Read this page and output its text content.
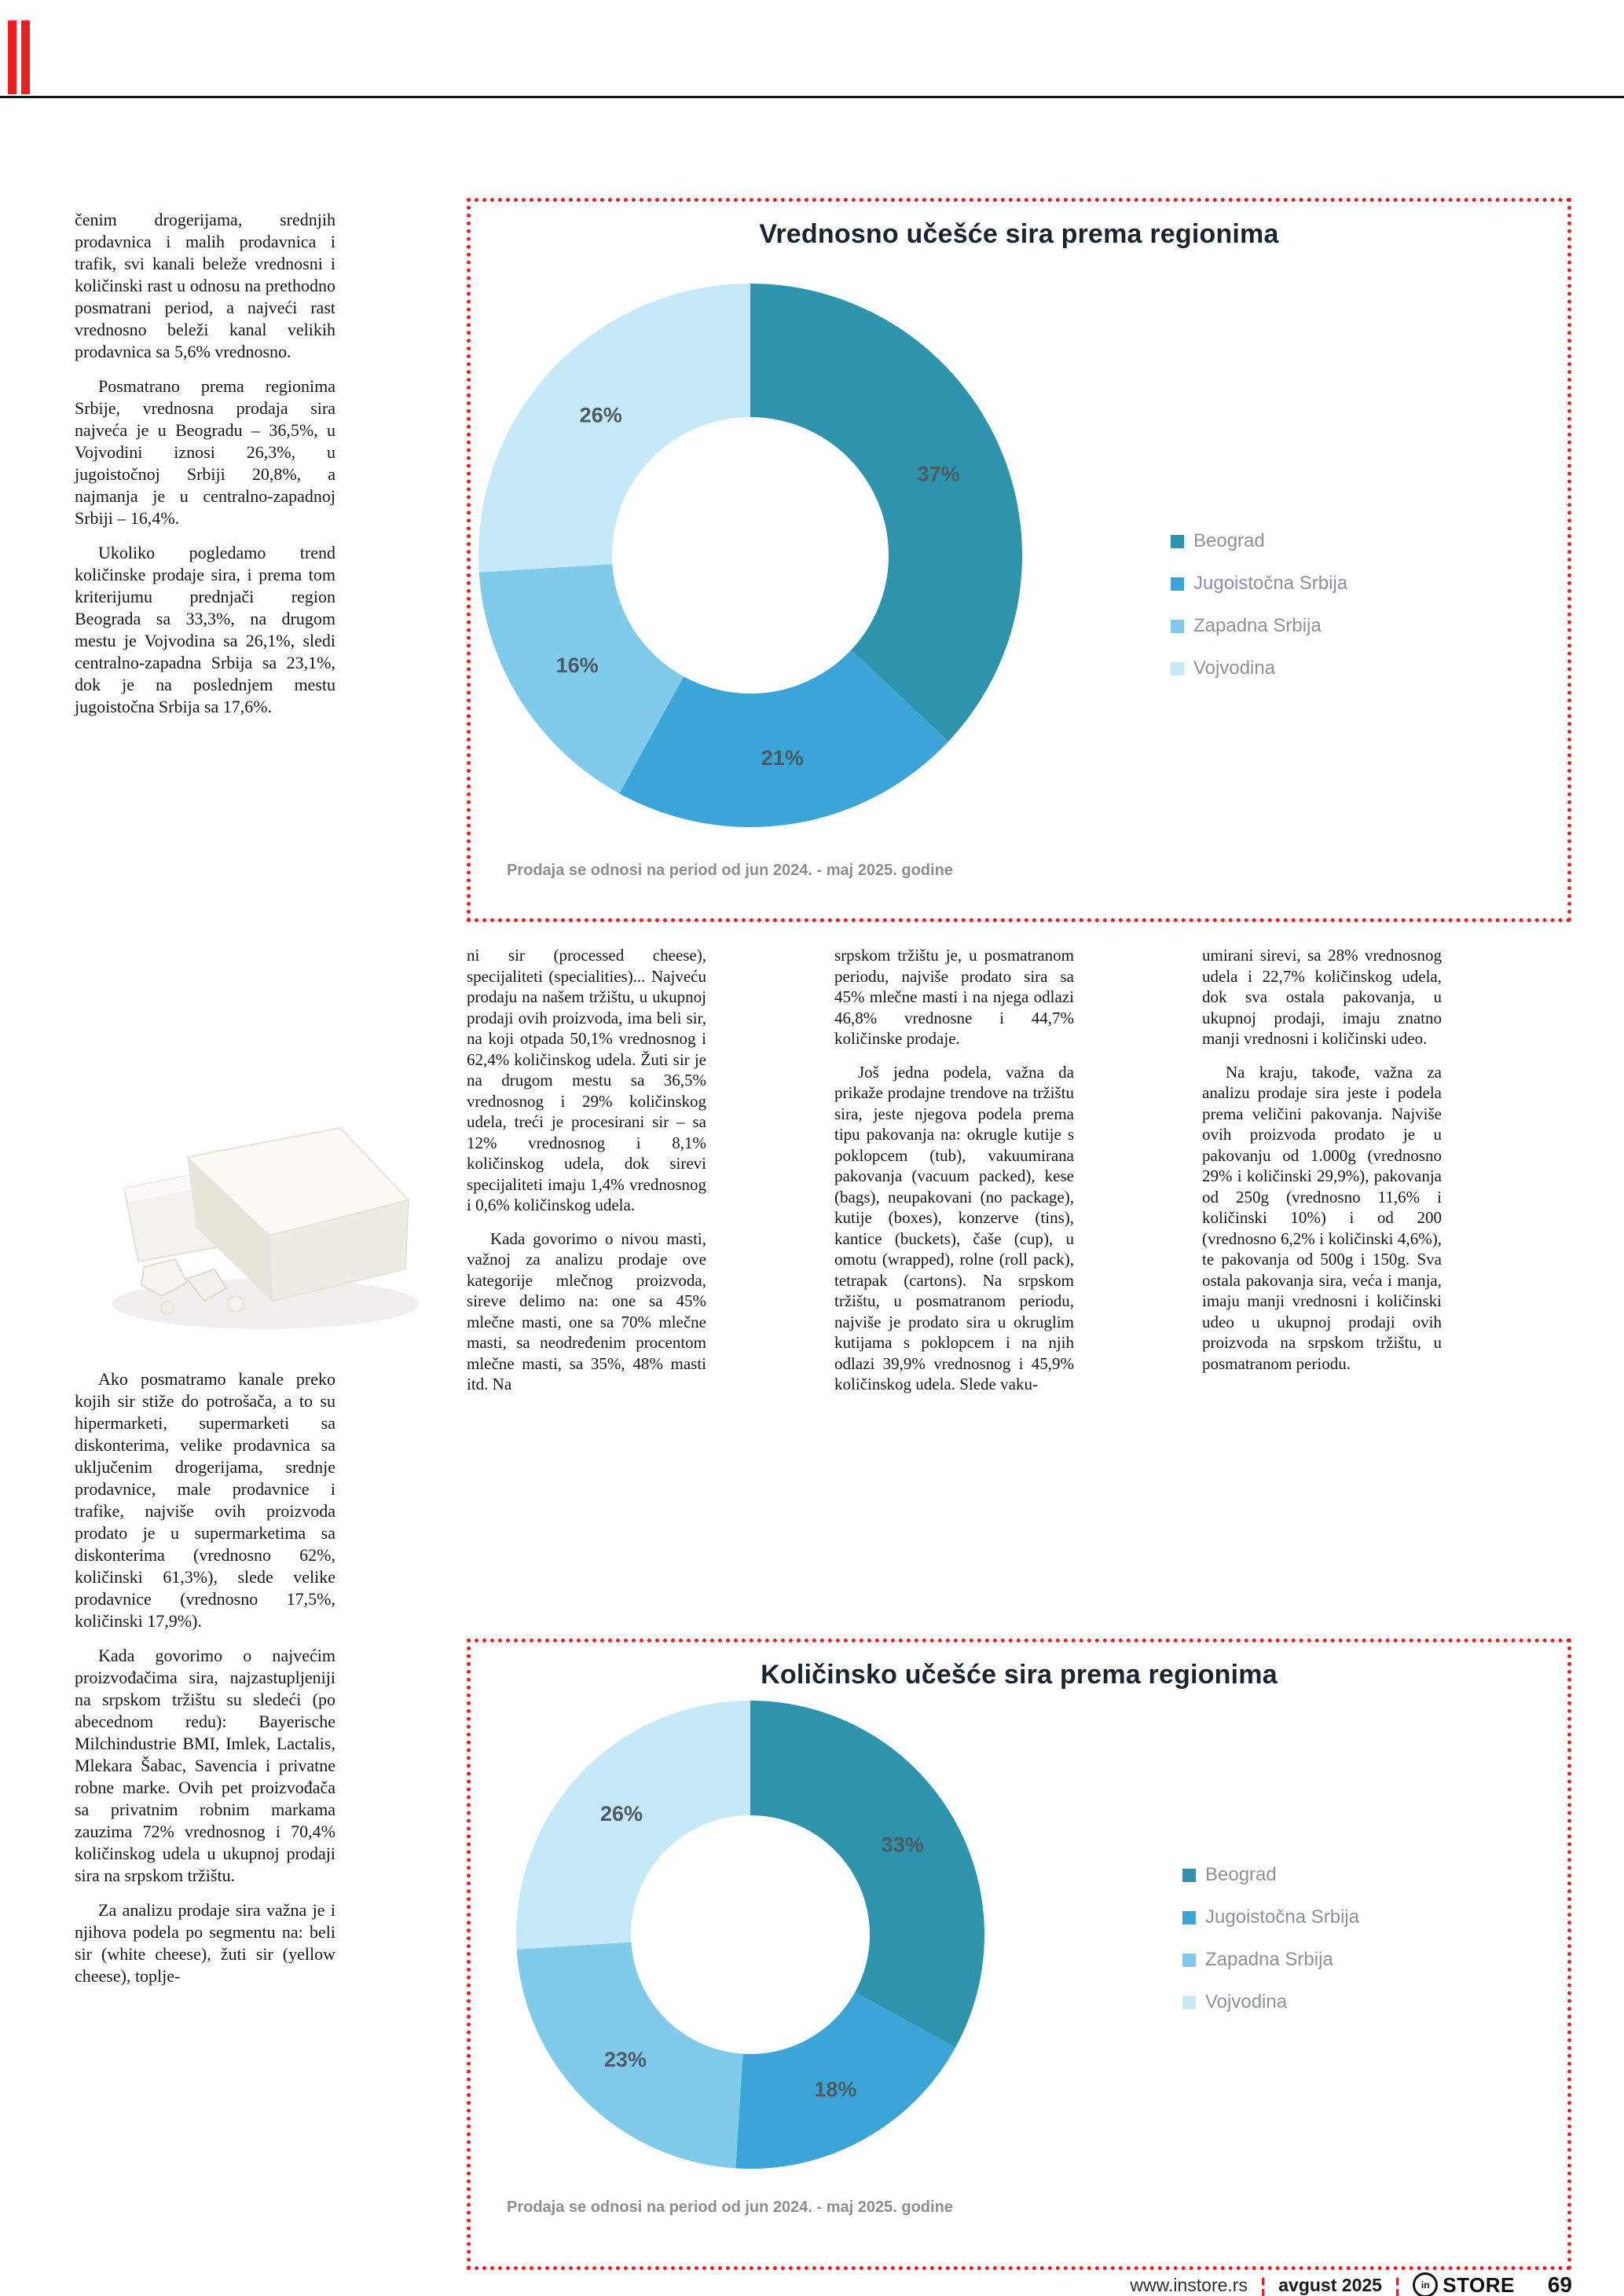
čenim drogerijama, srednjih prodavnica i malih prodavnica i trafik, svi kanali beleže vrednosni i količinski rast u odnosu na prethodno posmatrani period, a najveći rast vrednosno beleži kanal velikih prodavnica sa 5,6% vrednosno.

Posmatrano prema regionima Srbije, vrednosna prodaja sira najveća je u Beogradu – 36,5%, u Vojvodini iznosi 26,3%, u jugoistočnoj Srbiji 20,8%, a najmanja je u centralno-zapadnoj Srbiji – 16,4%.

Ukoliko pogledamo trend količinske prodaje sira, i prema tom kriterijumu prednjači region Beograda sa 33,3%, na drugom mestu je Vojvodina sa 26,1%, sledi centralno-zapadna Srbija sa 23,1%, dok je na poslednjem mestu jugoistočna Srbija sa 17,6%.

Ako posmatramo kanale preko kojih sir stiže do potrošača, a to su hipermarketi, supermarketi sa diskonterima, velike prodavnica sa uključenim drogerijama, srednje prodavnice, male prodavnice i trafike, najviše ovih proizvoda prodato je u supermarketima sa diskonterima (vrednosno 62%, količinski 61,3%), slede velike prodavnice (vrednosno 17,5%, količinski 17,9%).

Kada govorimo o najvećim proizvođačima sira, najzastupljeniji na srpskom tržištu su sledeći (po abecednom redu): Bayerische Milchindustrie BMI, Imlek, Lactalis, Mlekara Šabac, Savencia i privatne robne marke. Ovih pet proizvođača sa privatnim robnim markama zauzima 72% vrednosnog i 70,4% količinskog udela u ukupnoj prodaji sira na srpskom tržištu.

Za analizu prodaje sira važna je i njihova podela po segmentu na: beli sir (white cheese), žuti sir (yellow cheese), toplje-

Vrednosno učešće sira prema regionima
37%
21%
16%
26%
Beograd
Jugoistočna Srbija
Zapadna Srbija
Vojvodina
Prodaja se odnosi na period od jun 2024. - maj 2025. godine

ni sir (processed cheese), specijaliteti (specialities)... Najveću prodaju na našem tržištu, u ukupnoj prodaji ovih proizvoda, ima beli sir, na koji otpada 50,1% vrednosnog i 62,4% količinskog udela. Žuti sir je na drugom mestu sa 36,5% vrednosnog i 29% količinskog udela, treći je procesirani sir – sa 12% vrednosnog i 8,1% količinskog udela, dok sirevi specijaliteti imaju 1,4% vrednosnog i 0,6% količinskog udela.

Kada govorimo o nivou masti, važnoj za analizu prodaje ove kategorije mlečnog proizvoda, sireve delimo na: one sa 45% mlečne masti, one sa 70% mlečne masti, sa neodređenim procentom mlečne masti, sa 35%, 48% masti itd. Na

srpskom tržištu je, u posmatranom periodu, najviše prodato sira sa 45% mlečne masti i na njega odlazi 46,8% vrednosne i 44,7% količinske prodaje.

Još jedna podela, važna da prikaže prodajne trendove na tržištu sira, jeste njegova podela prema tipu pakovanja na: okrugle kutije s poklopcem (tub), vakuumirana pakovanja (vacuum packed), kese (bags), neupakovani (no package), kutije (boxes), konzerve (tins), kantice (buckets), čaše (cup), u omotu (wrapped), rolne (roll pack), tetrapak (cartons). Na srpskom tržištu, u posmatranom periodu, najviše je prodato sira u okruglim kutijama s poklopcem i na njih odlazi 39,9% vrednosnog i 45,9% količinskog udela. Slede vaku-

umirani sirevi, sa 28% vrednosnog udela i 22,7% količinskog udela, dok sva ostala pakovanja, u ukupnoj prodaji, imaju znatno manji vrednosni i količinski udeo.

Na kraju, takođe, važna za analizu prodaje sira jeste i podela prema veličini pakovanja. Najviše ovih proizvoda prodato je u pakovanju od 1.000g (vrednosno 29% i količinski 29,9%), pakovanja od 250g (vrednosno 11,6% i količinski 10%) i od 200 (vrednosno 6,2% i količinski 4,6%), te pakovanja od 500g i 150g. Sva ostala pakovanja sira, veća i manja, imaju manji vrednosni i količinski udeo u ukupnoj prodaji ovih proizvoda na srpskom tržištu, u posmatranom periodu.

Količinsko učešće sira prema regionima
33%
18%
23%
26%
Beograd
Jugoistočna Srbija
Zapadna Srbija
Vojvodina
Prodaja se odnosi na period od jun 2024. - maj 2025. godine
www.instore.rs ¦ avgust 2025 ¦	in STORE 69
